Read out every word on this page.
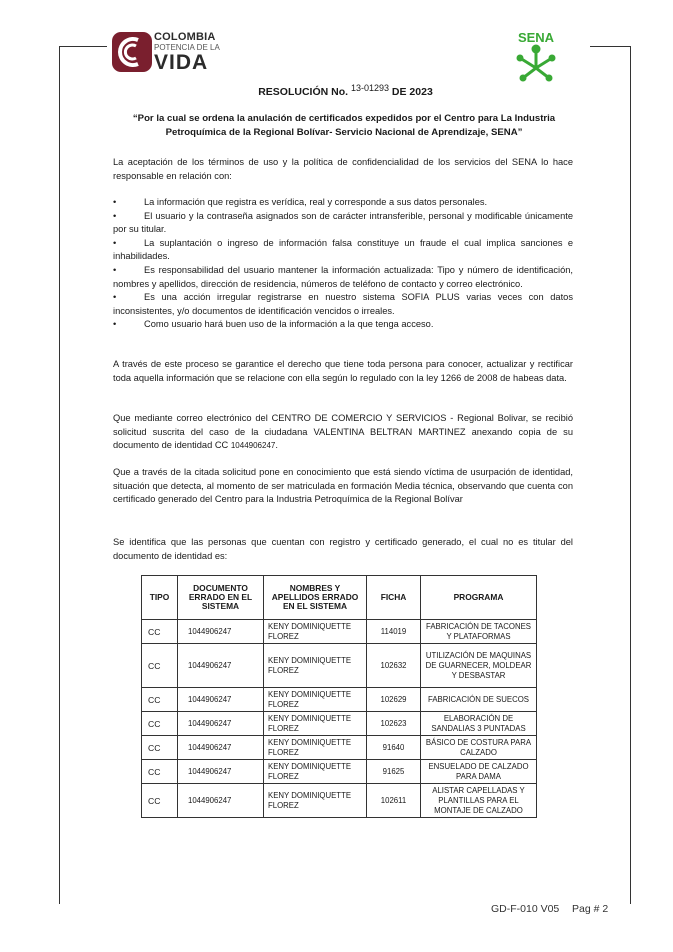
COLOMBIA
POTENCIA DE LA
VIDA
SENA
RESOLUCIÓN No. 13-01293 DE 2023
“Por la cual se ordena la anulación de certificados expedidos por el Centro para La Industria Petroquímica de la Regional Bolívar- Servicio Nacional de Aprendizaje, SENA”
La aceptación de los términos de uso y la política de confidencialidad de los servicios del SENA lo hace responsable en relación con:
•	La información que registra es verídica, real y corresponde a sus datos personales.
•	El usuario y la contraseña asignados son de carácter intransferible, personal y modificable únicamente por su titular.
•	La suplantación o ingreso de información falsa constituye un fraude el cual implica sanciones e inhabilidades.
•	Es responsabilidad del usuario mantener la información actualizada: Tipo y número de identificación, nombres y apellidos, dirección de residencia, números de teléfono de contacto y correo electrónico.
•	Es una acción irregular registrarse en nuestro sistema SOFIA PLUS varias veces con datos inconsistentes, y/o documentos de identificación vencidos o irreales.
•	Como usuario hará buen uso de la información a la que tenga acceso.
A través de este proceso se garantice el derecho que tiene toda persona para conocer, actualizar y rectificar toda aquella información que se relacione con ella según lo regulado con la ley 1266 de 2008 de habeas data.
Que mediante correo electrónico del CENTRO DE COMERCIO Y SERVICIOS - Regional Bolivar, se recibió solicitud suscrita del caso de la ciudadana VALENTINA BELTRAN MARTINEZ anexando copia de su documento de identidad CC 1044906247.
Que a través de la citada solicitud pone en conocimiento que está siendo víctima de usurpación de identidad, situación que detecta, al momento de ser matriculada en formación Media técnica, observando que cuenta con certificado generado del Centro para la Industria Petroquímica de la Regional Bolívar
Se identifica que las personas que cuentan con registro y certificado generado, el cual no es titular del documento de identidad es:
TIPO	DOCUMENTO ERRADO EN EL SISTEMA	NOMBRES Y APELLIDOS ERRADO EN EL SISTEMA	FICHA	PROGRAMA
CC	1044906247	KENY DOMINIQUETTE FLOREZ	114019	FABRICACIÓN DE TACONES Y PLATAFORMAS
CC	1044906247	KENY DOMINIQUETTE FLOREZ	102632	UTILIZACIÓN DE MAQUINAS DE GUARNECER, MOLDEAR Y DESBASTAR
CC	1044906247	KENY DOMINIQUETTE FLOREZ	102629	FABRICACIÓN DE SUECOS
CC	1044906247	KENY DOMINIQUETTE FLOREZ	102623	ELABORACIÓN DE SANDALIAS 3 PUNTADAS
CC	1044906247	KENY DOMINIQUETTE FLOREZ	91640	BÁSICO DE COSTURA PARA CALZADO
CC	1044906247	KENY DOMINIQUETTE FLOREZ	91625	ENSUELADO DE CALZADO PARA DAMA
CC	1044906247	KENY DOMINIQUETTE FLOREZ	102611	ALISTAR CAPELLADAS Y PLANTILLAS PARA EL MONTAJE DE CALZADO
GD-F-010 V05 Pag # 2
